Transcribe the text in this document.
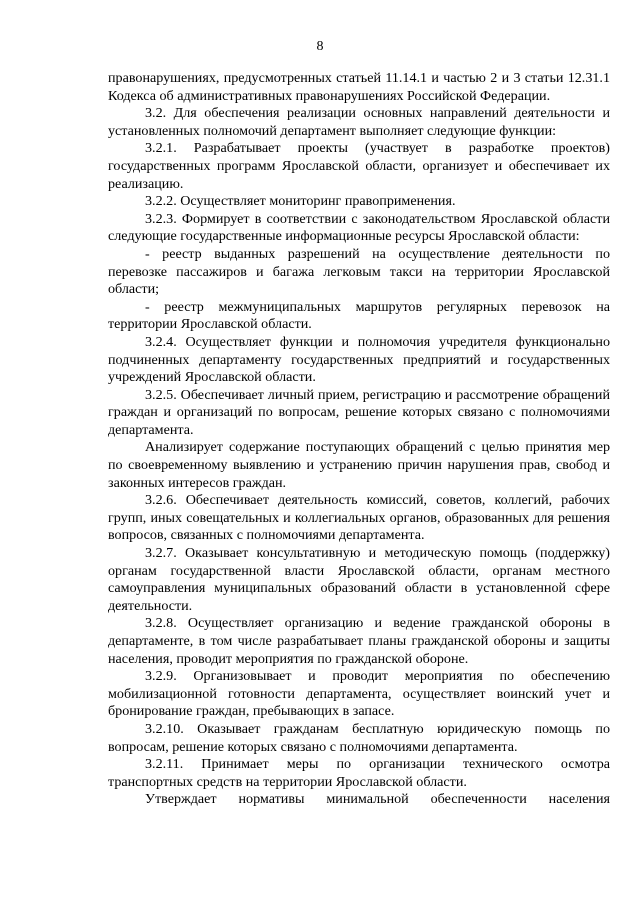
8

правонарушениях, предусмотренных статьей 11.14.1 и частью 2 и 3 статьи 12.31.1 Кодекса об административных правонарушениях Российской Федерации.

3.2. Для обеспечения реализации основных направлений деятельности и установленных полномочий департамент выполняет следующие функции:

3.2.1. Разрабатывает проекты (участвует в разработке проектов) государственных программ Ярославской области, организует и обеспечивает их реализацию.

3.2.2. Осуществляет мониторинг правоприменения.

3.2.3. Формирует в соответствии с законодательством Ярославской области следующие государственные информационные ресурсы Ярославской области:

- реестр выданных разрешений на осуществление деятельности по перевозке пассажиров и багажа легковым такси на территории Ярославской области;

- реестр межмуниципальных маршрутов регулярных перевозок на территории Ярославской области.

3.2.4. Осуществляет функции и полномочия учредителя функционально подчиненных департаменту государственных предприятий и государственных учреждений Ярославской области.

3.2.5. Обеспечивает личный прием, регистрацию и рассмотрение обращений граждан и организаций по вопросам, решение которых связано с полномочиями департамента.

Анализирует содержание поступающих обращений с целью принятия мер по своевременному выявлению и устранению причин нарушения прав, свобод и законных интересов граждан.

3.2.6. Обеспечивает деятельность комиссий, советов, коллегий, рабочих групп, иных совещательных и коллегиальных органов, образованных для решения вопросов, связанных с полномочиями департамента.

3.2.7. Оказывает консультативную и методическую помощь (поддержку) органам государственной власти Ярославской области, органам местного самоуправления муниципальных образований области в установленной сфере деятельности.

3.2.8. Осуществляет организацию и ведение гражданской обороны в департаменте, в том числе разрабатывает планы гражданской обороны и защиты населения, проводит мероприятия по гражданской обороне.

3.2.9. Организовывает и проводит мероприятия по обеспечению мобилизационной готовности департамента, осуществляет воинский учет и бронирование граждан, пребывающих в запасе.

3.2.10. Оказывает гражданам бесплатную юридическую помощь по вопросам, решение которых связано с полномочиями департамента.

3.2.11. Принимает меры по организации технического осмотра транспортных средств на территории Ярославской области.

Утверждает нормативы минимальной обеспеченности населения
